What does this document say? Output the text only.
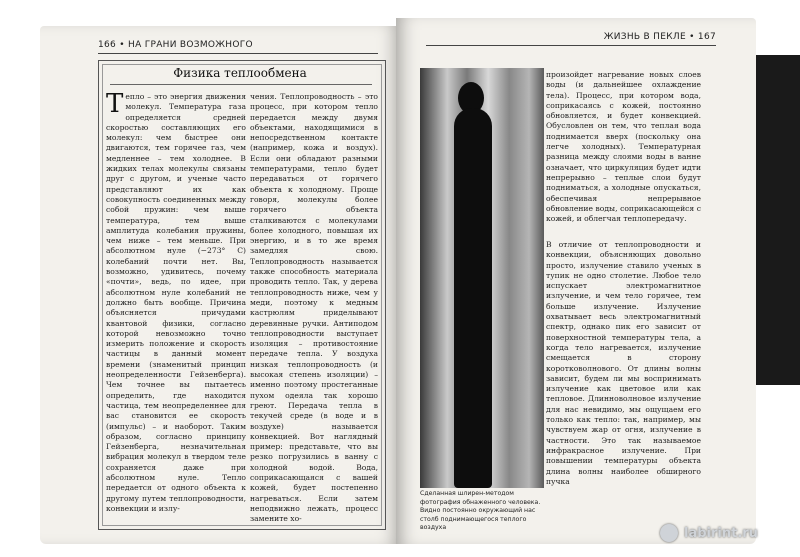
166 • НА ГРАНИ ВОЗМОЖНОГО
Физика теплообмена
Т епло – это энергия движения молекул. Температура газа определяется средней скоростью составляющих его молекул: чем быстрее они двигаются, тем горячее газ, чем медленнее – тем холоднее. В жидких телах молекулы связаны друг с другом, и ученые часто представляют их как совокупность соединенных между собой пружин: чем выше температура, тем выше амплитуда колебания пружины, чем ниже – тем меньше. При абсолютном нуле (−273° С) колебаний почти нет. Вы, возможно, удивитесь, почему «почти», ведь, по идее, при абсолютном нуле колебаний не должно быть вообще. Причина объясняется причудами квантовой физики, согласно которой невозможно точно измерить положение и скорость частицы в данный момент времени (знаменитый принцип неопределенности Гейзенберга). Чем точнее вы пытаетесь определить, где находится частица, тем неопределеннее для вас становится ее скорость (импульс) – и наоборот. Таким образом, согласно принципу Гейзенберга, незначительная вибрация молекул в твердом теле сохраняется даже при абсолютном нуле. Тепло передается от одного объекта к другому путем теплопроводности, конвекции и излу-
чения. Теплопроводность – это процесс, при котором тепло передается между двумя объектами, находящимися в непосредственном контакте (например, кожа и воздух). Если они обладают разными температурами, тепло будет передаваться от горячего объекта к холодному. Проще говоря, молекулы более горячего объекта сталкиваются с молекулами более холодного, повышая их энергию, и в то же время замедляя свою. Теплопроводность называется также способность материала проводить тепло. Так, у дерева теплопроводность ниже, чем у меди, поэтому к медным кастрюлям придeлывают деревянные ручки. Антиподом теплопроводности выступает изоляция – противостояние передаче тепла. У воздуха низкая теплопроводность (и высокая степень изоляции) – именно поэтому простеганные пухом одеяла так хорошо греют. Передача тепла в текучей среде (в воде и в воздухе) называется конвекцией. Вот наглядный пример: представьте, что вы резко погрузились в ванну с холодной водой. Вода, соприкасающаяся с вашей кожей, будет постепенно нагреваться. Если затем неподвижно лежать, процесс замените хо-
ЖИЗНЬ В ПЕКЛЕ • 167
Сделанная шлирен-методом фотография обнаженного человека. Видно постоянно окружающий нас столб поднимающегося теплого воздуха
произойдет нагревание новых слоев воды (и дальнейшее охлаждение тела). Процесс, при котором вода, соприкасаясь с кожей, постоянно обновляется, и будет конвекцией. Обусловлен он тем, что теплая вода поднимается вверх (поскольку она легче холодных). Температурная разница между слоями воды в ванне означает, что циркуляция будет идти непрерывно – теплые слои будут подниматься, а холодные опускаться, обеспечивая непрерывное обновление воды, соприкасающейся с кожей, и облегчая теплопередачу.
В отличие от теплопроводности и конвекции, объясняющих довольно просто, излучение ставило ученых в тупик не одно столетие. Любое тело испускает электромагнитное излучение, и чем тело горячее, тем больше излучение. Излучение охватывает весь электромагнитный спектр, однако пик его зависит от поверхностной температуры тела, а когда тело нагревается, излучение смещается в сторону коротковолнового. От длины волны зависит, будем ли мы воспринимать излучение как цветовое или как тепловое. Длинноволновое излучение для нас невидимо, мы ощущаем его только как тепло: так, например, мы чувствуем жар от огня, излучение в частности. Это так называемое инфракрасное излучение. При повышении температуры объекта длина волны наиболее обширного пучка
labirint.ru
